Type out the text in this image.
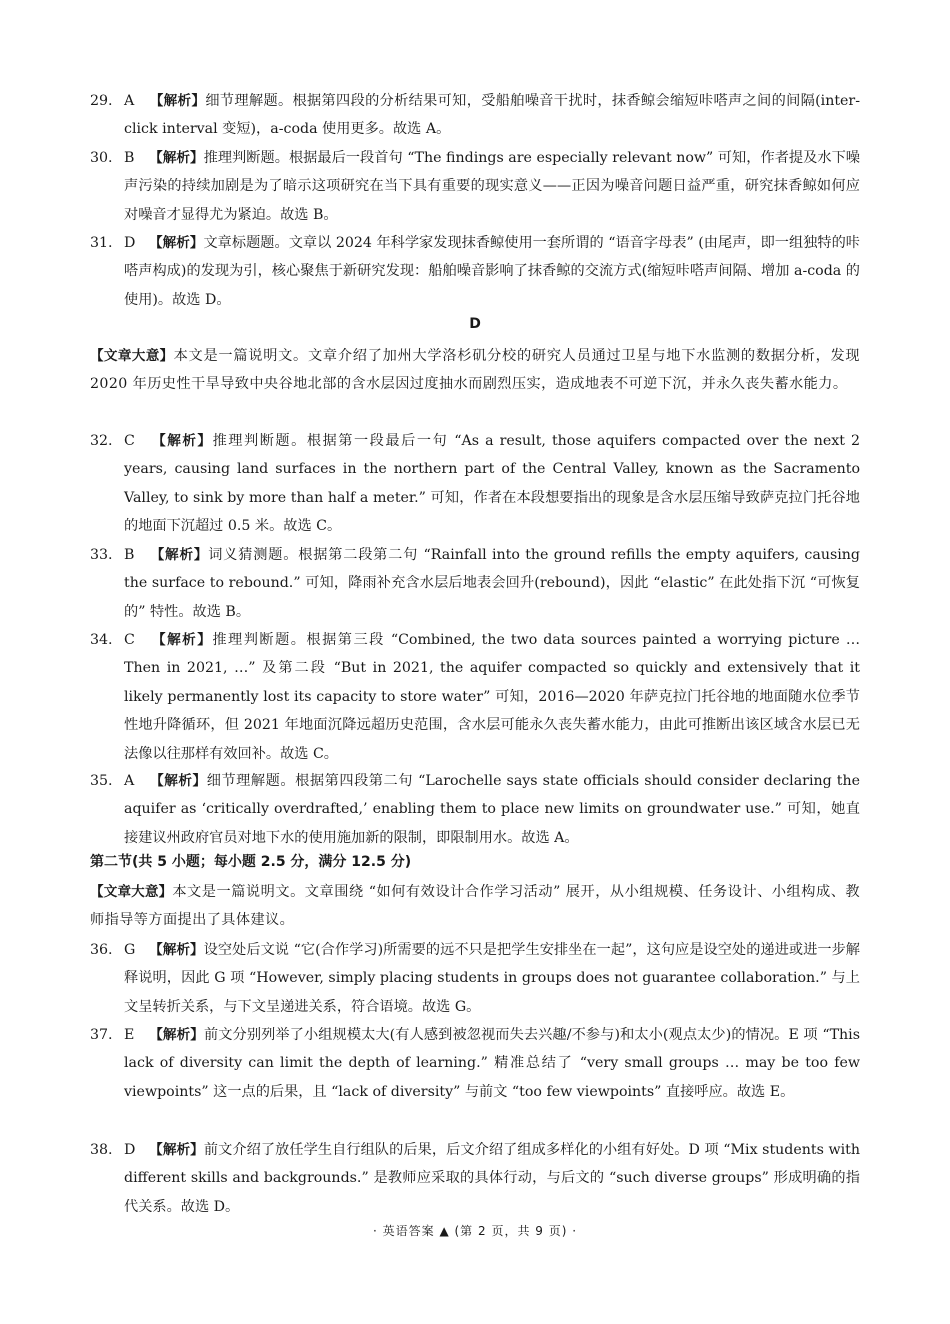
29. A 【解析】细节理解题。根据第四段的分析结果可知，受船舶噪音干扰时，抹香鲸会缩短咔嗒声之间的间隔(inter-click interval 变短)，a-coda 使用更多。故选 A。
30. B 【解析】推理判断题。根据最后一段首句 “The findings are especially relevant now” 可知，作者提及水下噪声污染的持续加剧是为了暗示这项研究在当下具有重要的现实意义——正因为噪音问题日益严重，研究抹香鲸如何应对噪音才显得尤为紧迫。故选 B。
31. D 【解析】文章标题题。文章以 2024 年科学家发现抹香鲸使用一套所谓的 “语音字母表” (由尾声，即一组独特的咔嗒声构成)的发现为引，核心聚焦于新研究发现：船舶噪音影响了抹香鲸的交流方式(缩短咔嗒声间隔、增加 a-coda 的使用)。故选 D。
D
【文章大意】本文是一篇说明文。文章介绍了加州大学洛杉矶分校的研究人员通过卫星与地下水监测的数据分析，发现 2020 年历史性干旱导致中央谷地北部的含水层因过度抽水而剧烈压实，造成地表不可逆下沉，并永久丧失蓄水能力。
32. C 【解析】推理判断题。根据第一段最后一句 “As a result, those aquifers compacted over the next 2 years, causing land surfaces in the northern part of the Central Valley, known as the Sacramento Valley, to sink by more than half a meter.” 可知，作者在本段想要指出的现象是含水层压缩导致萨克拉门托谷地的地面下沉超过 0.5 米。故选 C。
33. B 【解析】词义猜测题。根据第二段第二句 “Rainfall into the ground refills the empty aquifers, causing the surface to rebound.” 可知，降雨补充含水层后地表会回升(rebound)，因此 “elastic” 在此处指下沉 “可恢复的” 特性。故选 B。
34. C 【解析】推理判断题。根据第三段 “Combined, the two data sources painted a worrying picture … Then in 2021, …” 及第二段 “But in 2021, the aquifer compacted so quickly and extensively that it likely permanently lost its capacity to store water” 可知，2016—2020 年萨克拉门托谷地的地面随水位季节性地升降循环，但 2021 年地面沉降远超历史范围，含水层可能永久丧失蓄水能力，由此可推断出该区域含水层已无法像以往那样有效回补。故选 C。
35. A 【解析】细节理解题。根据第四段第二句 “Larochelle says state officials should consider declaring the aquifer as ‘critically overdrafted,’ enabling them to place new limits on groundwater use.” 可知，她直接建议州政府官员对地下水的使用施加新的限制，即限制用水。故选 A。
第二节(共 5 小题；每小题 2.5 分，满分 12.5 分)
【文章大意】本文是一篇说明文。文章围绕 “如何有效设计合作学习活动” 展开，从小组规模、任务设计、小组构成、教师指导等方面提出了具体建议。
36. G 【解析】设空处后文说 “它(合作学习)所需要的远不只是把学生安排坐在一起”，这句应是设空处的递进或进一步解释说明，因此 G 项 “However, simply placing students in groups does not guarantee collaboration.” 与上文呈转折关系，与下文呈递进关系，符合语境。故选 G。
37. E 【解析】前文分别列举了小组规模太大(有人感到被忽视而失去兴趣/不参与)和太小(观点太少)的情况。E 项 “This lack of diversity can limit the depth of learning.” 精准总结了 “very small groups … may be too few viewpoints” 这一点的后果，且 “lack of diversity” 与前文 “too few viewpoints” 直接呼应。故选 E。
38. D 【解析】前文介绍了放任学生自行组队的后果，后文介绍了组成多样化的小组有好处。D 项 “Mix students with different skills and backgrounds.” 是教师应采取的具体行动，与后文的 “such diverse groups” 形成明确的指代关系。故选 D。
· 英语答案 ▲ (第 2 页，共 9 页) ·
